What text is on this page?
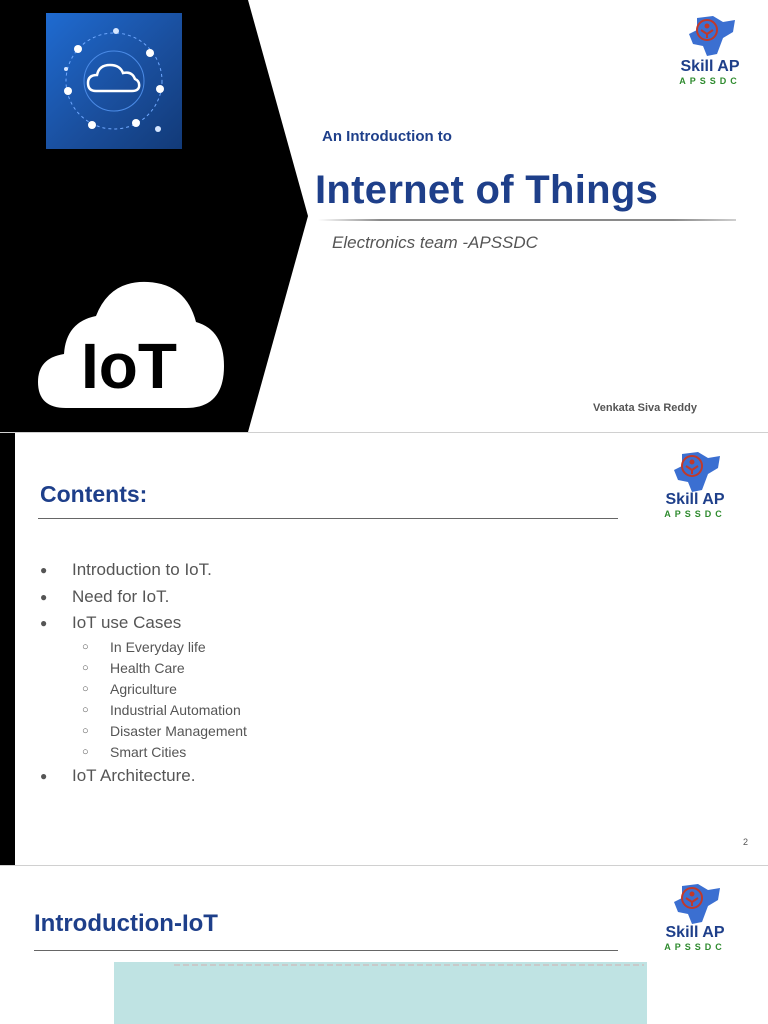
IoT
An Introduction to
Internet of Things
Electronics team -APSSDC
Venkata Siva Reddy
Skill AP
APSSDC
Contents:
● Introduction to IoT.
● Need for IoT.
● IoT use Cases
○ In Everyday life
○ Health Care
○ Agriculture
○ Industrial Automation
○ Disaster Management
○ Smart Cities
● IoT Architecture.
2
Skill AP
APSSDC
Introduction-IoT	Skill AP
APSSDC
